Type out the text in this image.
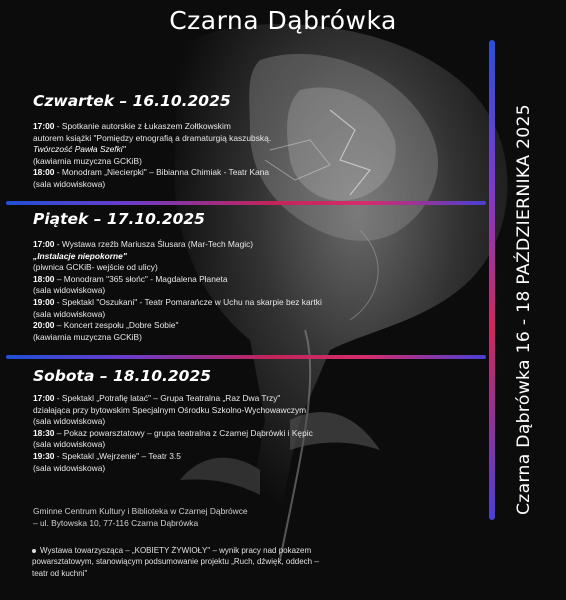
Czarna Dąbrówka
Czwartek – 16.10.2025
17:00 - Spotkanie autorskie z Łukaszem Zołtkowskim
autorem książki "Pomiędzy etnografią a dramaturgią kaszubską.
Twórczość Pawła Szefki"
(kawiarnia muzyczna GCKiB)
18:00 - Monodram „Niecierpki" – Bibianna Chimiak - Teatr Kana
(sala widowiskowa)
Piątek – 17.10.2025
17:00 - Wystawa rzeźb Mariusza Ślusara (Mar-Tech Magic)
„Instalacje niepokorne"
(piwnica GCKiB- wejście od ulicy)
18:00 – Monodram "365 słońc" - Magdalena Płaneta
(sala widowiskowa)
19:00 - Spektakl "Oszukani" - Teatr Pomarańcze w Uchu na skarpie bez kartki
(sala widowiskowa)
20:00 – Koncert zespołu „Dobre Sobie"
(kawiarnia muzyczna GCKiB)
Sobota – 18.10.2025
17:00 - Spektakl „Potrafię latać" – Grupa Teatralna „Raz Dwa Trzy"
działająca przy bytowskim Specjalnym Ośrodku Szkolno-Wychowawczym
(sala widowiskowa)
18:30 – Pokaz powarsztatowy – grupa teatralna z Czarnej Dąbrówki i Kępic
(sala widowiskowa)
19:30 - Spektakl „Wejrzenie" – Teatr 3.5
(sala widowiskowa)
Gminne Centrum Kultury i Biblioteka w Czarnej Dąbrówce
– ul. Bytowska 10, 77-116 Czarna Dąbrówka
Wystawa towarzysząca – „KOBIETY ŻYWIOŁY" – wynik pracy nad pokazem powarsztatowym, stanowiącym podsumowanie projektu „Ruch, dźwięk, oddech – teatr od kuchni"
Czarna Dąbrówka 16 - 18 PAŹDZIERNIKA 2025
